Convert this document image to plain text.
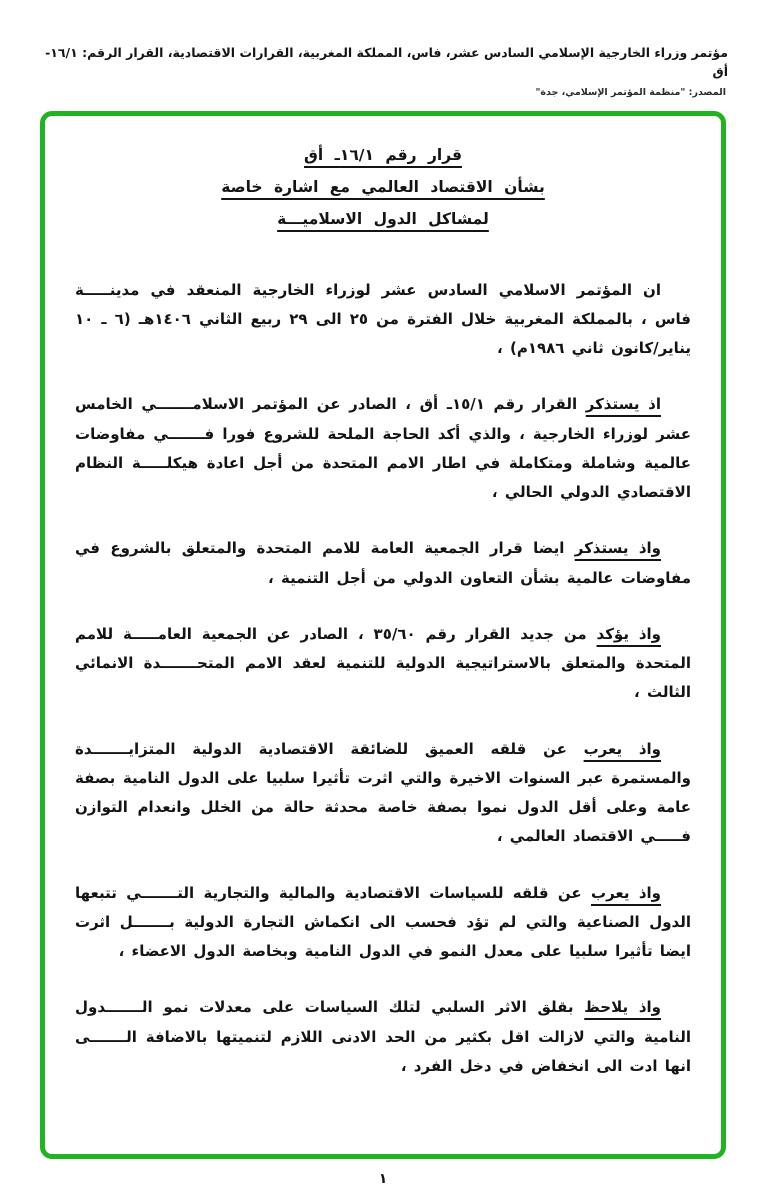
مؤتمر وزراء الخارجية الإسلامي السادس عشر، فاس، المملكة المغربية، القرارات الاقتصادية، القرار الرقم: ١٦/١-أق
المصدر: "منظمة المؤتمر الإسلامي، جدة"
قرار رقم ١٦/١ـ أق
بشأن الاقتصاد العالمي مع اشارة خاصة
لمشاكل الدول الاسلاميـــة

ان المؤتمر الاسلامي السادس عشر لوزراء الخارجية المنعقد في مدينـــــة فاس ، بالمملكة المغربية خلال الفترة من ٢٥ الى ٢٩ ربيع الثاني ١٤٠٦هـ (٦ ـ ١٠ يناير/كانون ثاني ١٩٨٦م) ،

اذ يستذكر القرار رقم ١٥/١ـ أق ، الصادر عن المؤتمر الاسلامـــــــي الخامس عشر لوزراء الخارجية ، والذي أكد الحاجة الملحة للشروع فورا فـــــــي مفاوضات عالمية وشاملة ومتكاملة في اطار الامم المتحدة من أجل اعادة هيكلـــــة النظام الاقتصادي الدولي الحالي ،

واذ يستذكر ايضا قرار الجمعية العامة للامم المتحدة والمتعلق بالشروع في مفاوضات عالمية بشأن التعاون الدولي من أجل التنمية ،

واذ يؤكد من جديد القرار رقم ٣٥/٦٠ ، الصادر عن الجمعية العامـــــة للامم المتحدة والمتعلق بالاستراتيجية الدولية للتنمية لعقد الامم المتحـــــــدة الانمائي الثالث ،

واذ يعرب عن قلقه العميق للضائقة الاقتصادية الدولية المتزايـــــــدة والمستمرة عبر السنوات الاخيرة والتي اثرت تأثيرا سلبيا على الدول النامية بصفة عامة وعلى أقل الدول نموا بصفة خاصة محدثة حالة من الخلل وانعدام التوازن فـــــي الاقتصاد العالمي ،

واذ يعرب عن قلقه للسياسات الاقتصادية والمالية والتجارية التـــــــي تتبعها الدول الصناعية والتي لم تؤد فحسب الى انكماش التجارة الدولية بـــــــل اثرت ايضا تأثيرا سلبيا على معدل النمو في الدول النامية وبخاصة الدول الاعضاء ،

واذ يلاحظ بقلق الاثر السلبي لتلك السياسات على معدلات نمو الـــــــدول النامية والتي لازالت اقل بكثير من الحد الادنى اللازم لتنميتها بالاضافة الـــــــى انها ادت الى انخفاض في دخل الفرد ،

١
